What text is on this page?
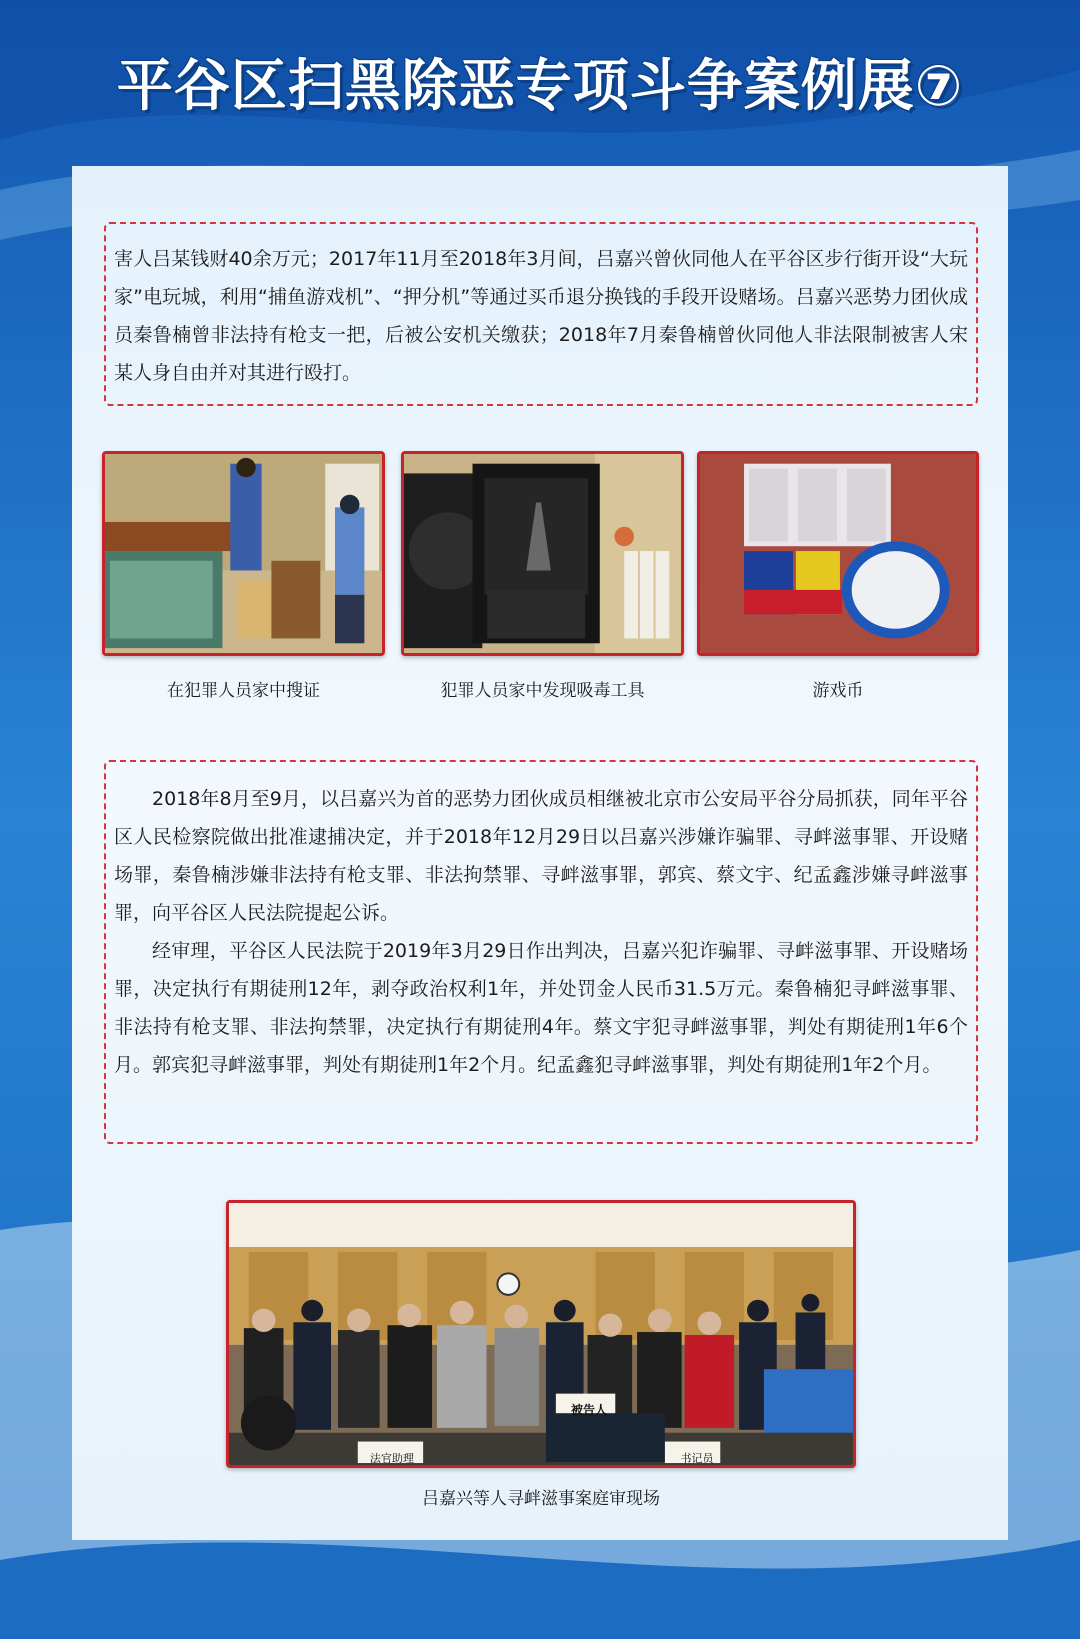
平谷区扫黑除恶专项斗争案例展⑦

害人吕某钱财40余万元；2017年11月至2018年3月间，吕嘉兴曾伙同他人在平谷区步行街开设“大玩家”电玩城，利用“捕鱼游戏机”、“押分机”等通过买币退分换钱的手段开设赌场。吕嘉兴恶势力团伙成员秦鲁楠曾非法持有枪支一把，后被公安机关缴获；2018年7月秦鲁楠曾伙同他人非法限制被害人宋某人身自由并对其进行殴打。

在犯罪人员家中搜证	犯罪人员家中发现吸毒工具	游戏币

2018年8月至9月，以吕嘉兴为首的恶势力团伙成员相继被北京市公安局平谷分局抓获，同年平谷区人民检察院做出批准逮捕决定，并于2018年12月29日以吕嘉兴涉嫌诈骗罪、寻衅滋事罪、开设赌场罪，秦鲁楠涉嫌非法持有枪支罪、非法拘禁罪、寻衅滋事罪，郭宾、蔡文宇、纪孟鑫涉嫌寻衅滋事罪，向平谷区人民法院提起公诉。

经审理，平谷区人民法院于2019年3月29日作出判决，吕嘉兴犯诈骗罪、寻衅滋事罪、开设赌场罪，决定执行有期徒刑12年，剥夺政治权利1年，并处罚金人民币31.5万元。秦鲁楠犯寻衅滋事罪、非法持有枪支罪、非法拘禁罪，决定执行有期徒刑4年。蔡文宇犯寻衅滋事罪，判处有期徒刑1年6个月。郭宾犯寻衅滋事罪，判处有期徒刑1年2个月。纪孟鑫犯寻衅滋事罪，判处有期徒刑1年2个月。

被告人
法官助理	书记员
吕嘉兴等人寻衅滋事案庭审现场
